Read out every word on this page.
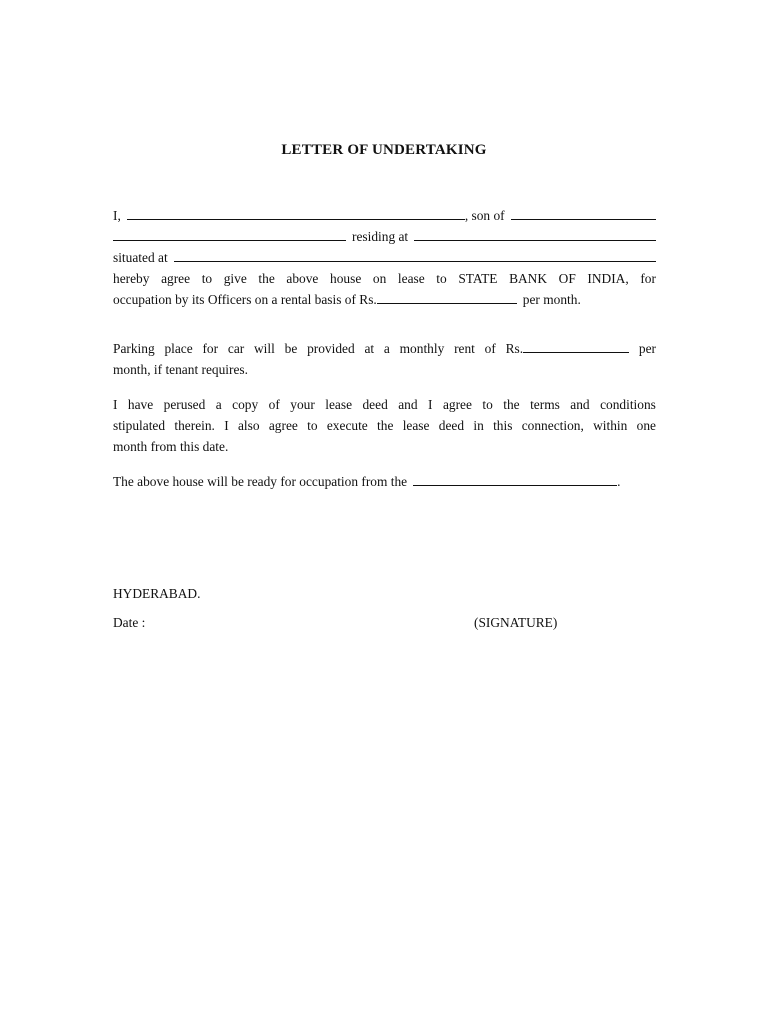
LETTER OF UNDERTAKING
I,	, son of
residing at
situated at
hereby agree to give the above house on lease to STATE BANK OF INDIA, for
occupation by its Officers on a rental basis of Rs.	per month.
Parking place for car will be provided at a monthly rent of Rs.	per
month, if tenant requires.
I have perused a copy of your lease deed and I agree to the terms and conditions
stipulated therein. I also agree to execute the lease deed in this connection, within one
month from this date.
The above house will be ready for occupation from the	.
HYDERABAD.
Date :	(SIGNATURE)
